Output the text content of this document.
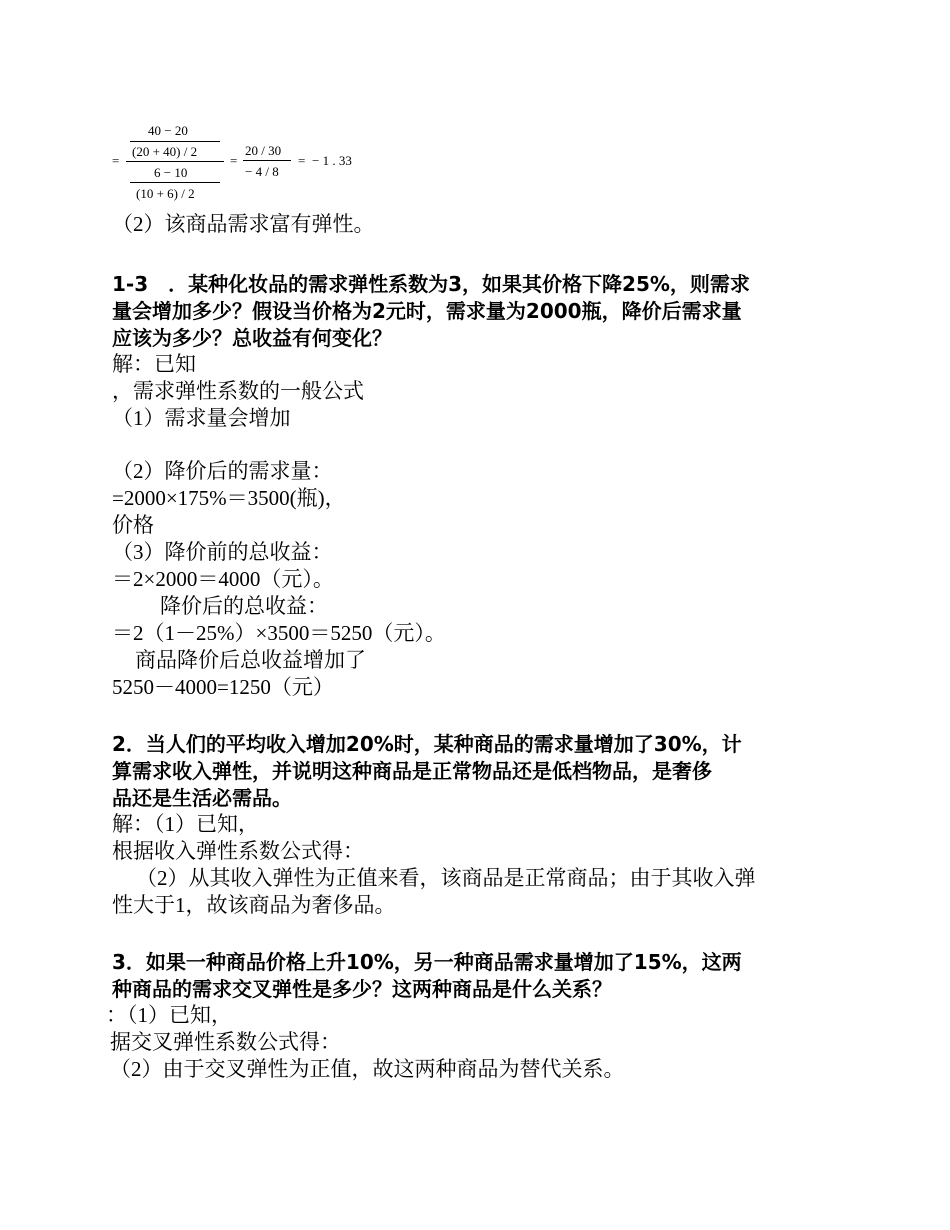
=
40 − 20
(20 + 40) / 2
6 − 10
(10 + 6) / 2
=
20 / 30
− 4 / 8
= − 1 . 33
（2）该商品需求富有弹性。
1-3　．某种化妆品的需求弹性系数为3，如果其价格下降25%，则需求
量会增加多少？假设当价格为2元时，需求量为2000瓶，降价后需求量
应该为多少？总收益有何变化？
解：已知
，需求弹性系数的一般公式
（1）需求量会增加
（2）降价后的需求量：
=2000×175%＝3500(瓶)，
价格
（3）降价前的总收益：
＝2×2000＝4000（元）。
降价后的总收益：
＝2（1－25%）×3500＝5250（元）。
商品降价后总收益增加了
5250－4000=1250（元）
2．当人们的平均收入增加20%时，某种商品的需求量增加了30%，计
算需求收入弹性，并说明这种商品是正常物品还是低档物品，是奢侈
品还是生活必需品。
解：（1）已知，
根据收入弹性系数公式得：
（2）从其收入弹性为正值来看，该商品是正常商品；由于其收入弹
性大于1，故该商品为奢侈品。
3．如果一种商品价格上升10%，另一种商品需求量增加了15%，这两
种商品的需求交叉弹性是多少？这两种商品是什么关系？
：（1）已知，
据交叉弹性系数公式得：
（2）由于交叉弹性为正值，故这两种商品为替代关系。
